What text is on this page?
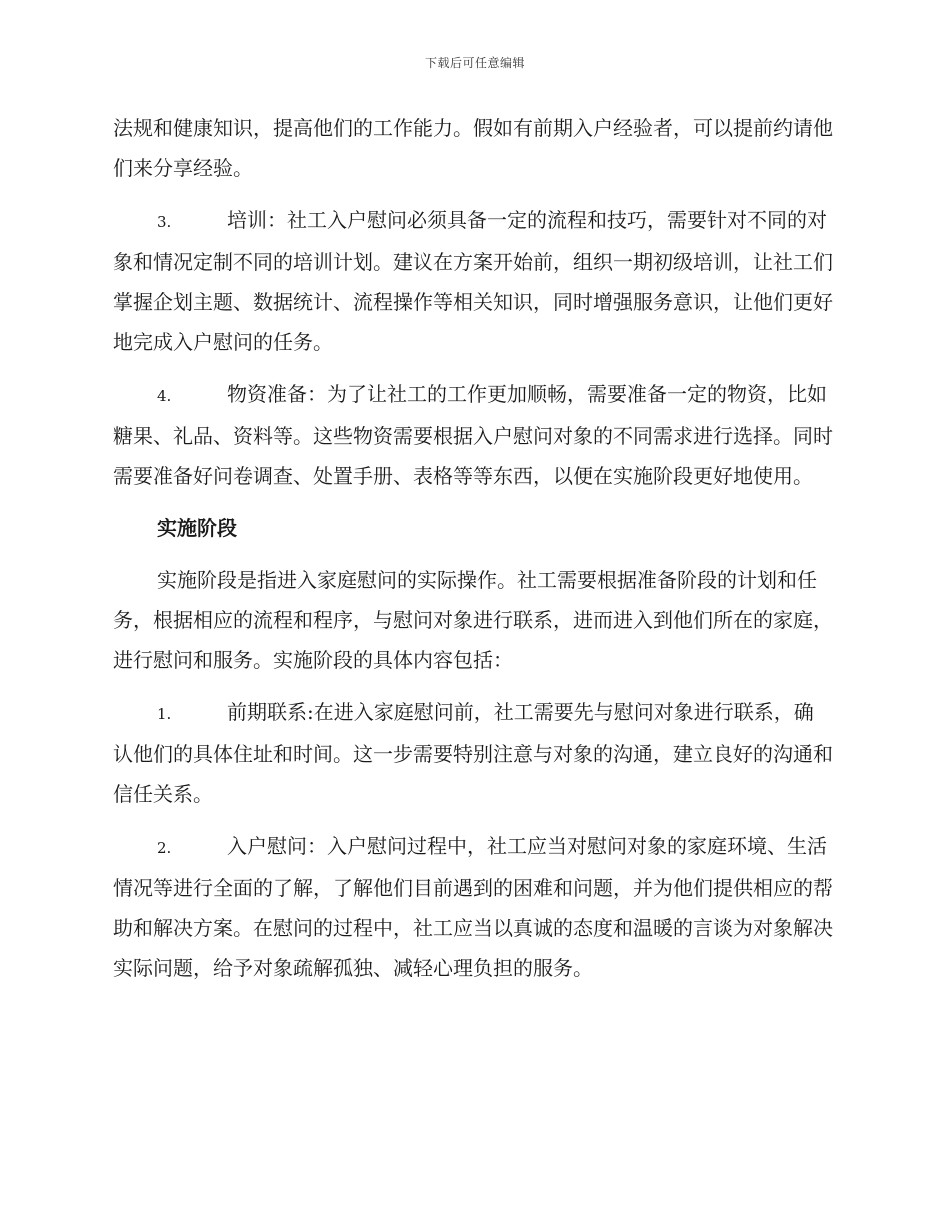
下载后可任意编辑

法规和健康知识，提高他们的工作能力。假如有前期入户经验者，可以提前约请他们来分享经验。

3.	培训：社工入户慰问必须具备一定的流程和技巧，需要针对不同的对象和情况定制不同的培训计划。建议在方案开始前，组织一期初级培训，让社工们掌握企划主题、数据统计、流程操作等相关知识，同时增强服务意识，让他们更好地完成入户慰问的任务。

4.	物资准备：为了让社工的工作更加顺畅，需要准备一定的物资，比如糖果、礼品、资料等。这些物资需要根据入户慰问对象的不同需求进行选择。同时需要准备好问卷调查、处置手册、表格等等东西，以便在实施阶段更好地使用。

实施阶段

实施阶段是指进入家庭慰问的实际操作。社工需要根据准备阶段的计划和任务，根据相应的流程和程序，与慰问对象进行联系，进而进入到他们所在的家庭，进行慰问和服务。实施阶段的具体内容包括：

1.	前期联系:在进入家庭慰问前，社工需要先与慰问对象进行联系，确认他们的具体住址和时间。这一步需要特别注意与对象的沟通，建立良好的沟通和信任关系。

2.	入户慰问：入户慰问过程中，社工应当对慰问对象的家庭环境、生活情况等进行全面的了解，了解他们目前遇到的困难和问题，并为他们提供相应的帮助和解决方案。在慰问的过程中，社工应当以真诚的态度和温暖的言谈为对象解决实际问题，给予对象疏解孤独、减轻心理负担的服务。
